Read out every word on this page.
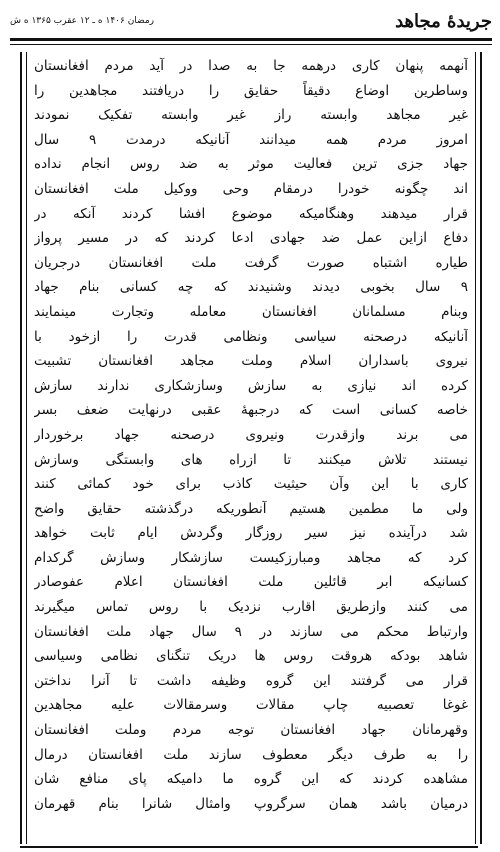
جریدهٔ مجاهد
رمضان ۱۴۰۶ ه ـ ۱۲ عقرب ۱۳۶۵ ه ش
آنهمه پنهان کاری درهمه جا به صدا در آید مردم افغانستان
وساطرین اوضاع دقیقاً حقایق را دریافتند مجاهدین را
غیر مجاهد وابسته راز غیر وابسته تفکیک نمودند
امروز مردم همه میدانند آنانیکه درمدت ۹ سال
جهاد جزی ترین فعالیت موثر به ضد روس انجام نداده
اند چگونه خودرا درمقام وحی ووکیل ملت افغانستان
قرار میدهند وهنگامیکه موضوع افشا کردند آنکه در
دفاع ازاین عمل ضد جهادی ادعا کردند که در مسیر پرواز
طیاره اشتباه صورت گرفت ملت افغانستان درجریان
۹ سال بخوبی دیدند وشنیدند که چه کسانی بنام جهاد
وبنام مسلمانان افغانستان معامله وتجارت مینمایند
آنانیکه درصحنه سیاسی ونظامی قدرت را ازخود با
نیروی باسداران اسلام وملت مجاهد افغانستان تشبیت
کرده اند نیازی به سازش وسازشکاری ندارند سازش
خاصه کسانی است که درجبههٔ عقبی درنهایت ضعف بسر
می برند وازقدرت ونیروی درصحنه جهاد برخوردار
نیستند تلاش میکنند تا ازراه های وابستگی وسازش
کاری با این وآن حیثیت کاذب برای خود کمائی کنند
ولی ما مطمین هستیم آنطوریکه درگذشته حقایق واضح
شد درآینده نیز سیر روزگار وگردش ایام ثابت خواهد
کرد که مجاهد ومبارزکیست سازشکار وسازش گرکدام
کسانیکه ابر قائلین ملت افغانستان اعلام عفوصادر
می کنند وازطریق اقارب نزدیک با روس تماس میگیرند
وارتباط محکم می سازند در ۹ سال جهاد ملت افغانستان
شاهد بودکه هروقت روس ها دریک تنگنای نظامی وسیاسی
قرار می گرفتند این گروه وظیفه داشت تا آنرا نداختن
غوغا تعصبیه چاپ مقالات وسرمقالات علیه مجاهدین
وقهرمانان جهاد افغانستان توجه مردم وملت افغانستان
را به طرف دیگر معطوف سازند ملت افغانستان درمال
مشاهده کردند که این گروه ما دامیکه پای منافع شان
درمیان باشد همان سرگروپ وامثال شانرا بنام قهرمان
